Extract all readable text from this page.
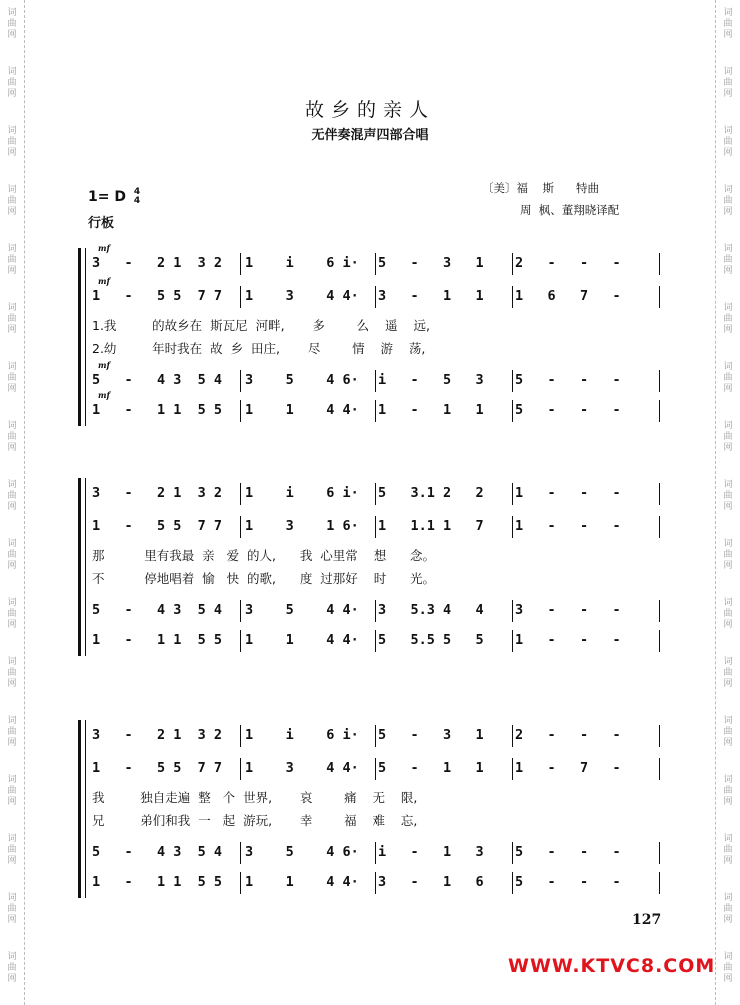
词
曲
网
词
曲
网
词
曲
网
词
曲
网
词
曲
网
词
曲
网
词
曲
网
词
曲
网
词
曲
网
词
曲
网
词
曲
网
词
曲
网
词
曲
网
词
曲
网
词
曲
网
词
曲
网
词
曲
网
词
曲
网
词
曲
网
词
曲
网
词
曲
网
词
曲
网
词
曲
网
词
曲
网
词
曲
网
词
曲
网
词
曲
网
词
曲
网
词
曲
网
词
曲
网
词
曲
网
词
曲
网
词
曲
网
词
曲
网
故乡的亲人
无伴奏混声四部合唱
1= D 4
4
行板
〔美〕福    斯      特曲
周  枫、董翔晓译配
mf
3   -   2 1  3 2 1    i    6 i· 5   -   3   1 2   -   -   -
mf
1   -   5 5  7 7 1    3    4 4· 3   -   1   1 1   6   7   -
mf
5   -   4 3  5 4 3    5    4 6· i   -   5   3 5   -   -   -
mf
1   -   1 1  5 5 1    1    4 4· 1   -   1   1 5   -   -   -
1.我         的故乡在  斯瓦尼  河畔,       多        么    遥    远,
2.幼         年时我在  故  乡  田庄,       尽        情    游    荡,
3   -   2 1  3 2 1    i    6 i· 5   3.1 2   2 1   -   -   -
1   -   5 5  7 7 1    3    1 6· 1   1.1 1   7 1   -   -   -
5   -   4 3  5 4 3    5    4 4· 3   5.3 4   4 3   -   -   -
1   -   1 1  5 5 1    1    4 4· 5   5.5 5   5 1   -   -   -
那          里有我最  亲   爱  的人,      我  心里常    想      念。
不          停地唱着  愉   快  的歌,      度  过那好    时      光。
3   -   2 1  3 2 1    i    6 i· 5   -   3   1 2   -   -   -
1   -   5 5  7 7 1    3    4 4· 5   -   1   1 1   -   7   -
5   -   4 3  5 4 3    5    4 6· i   -   1   3 5   -   -   -
1   -   1 1  5 5 1    1    4 4· 3   -   1   6 5   -   -   -
我         独自走遍  整   个  世界,       哀        痛    无    限,
兄         弟们和我  一   起  游玩,       幸        福    难    忘,
127
WWW.KTVC8.COM
